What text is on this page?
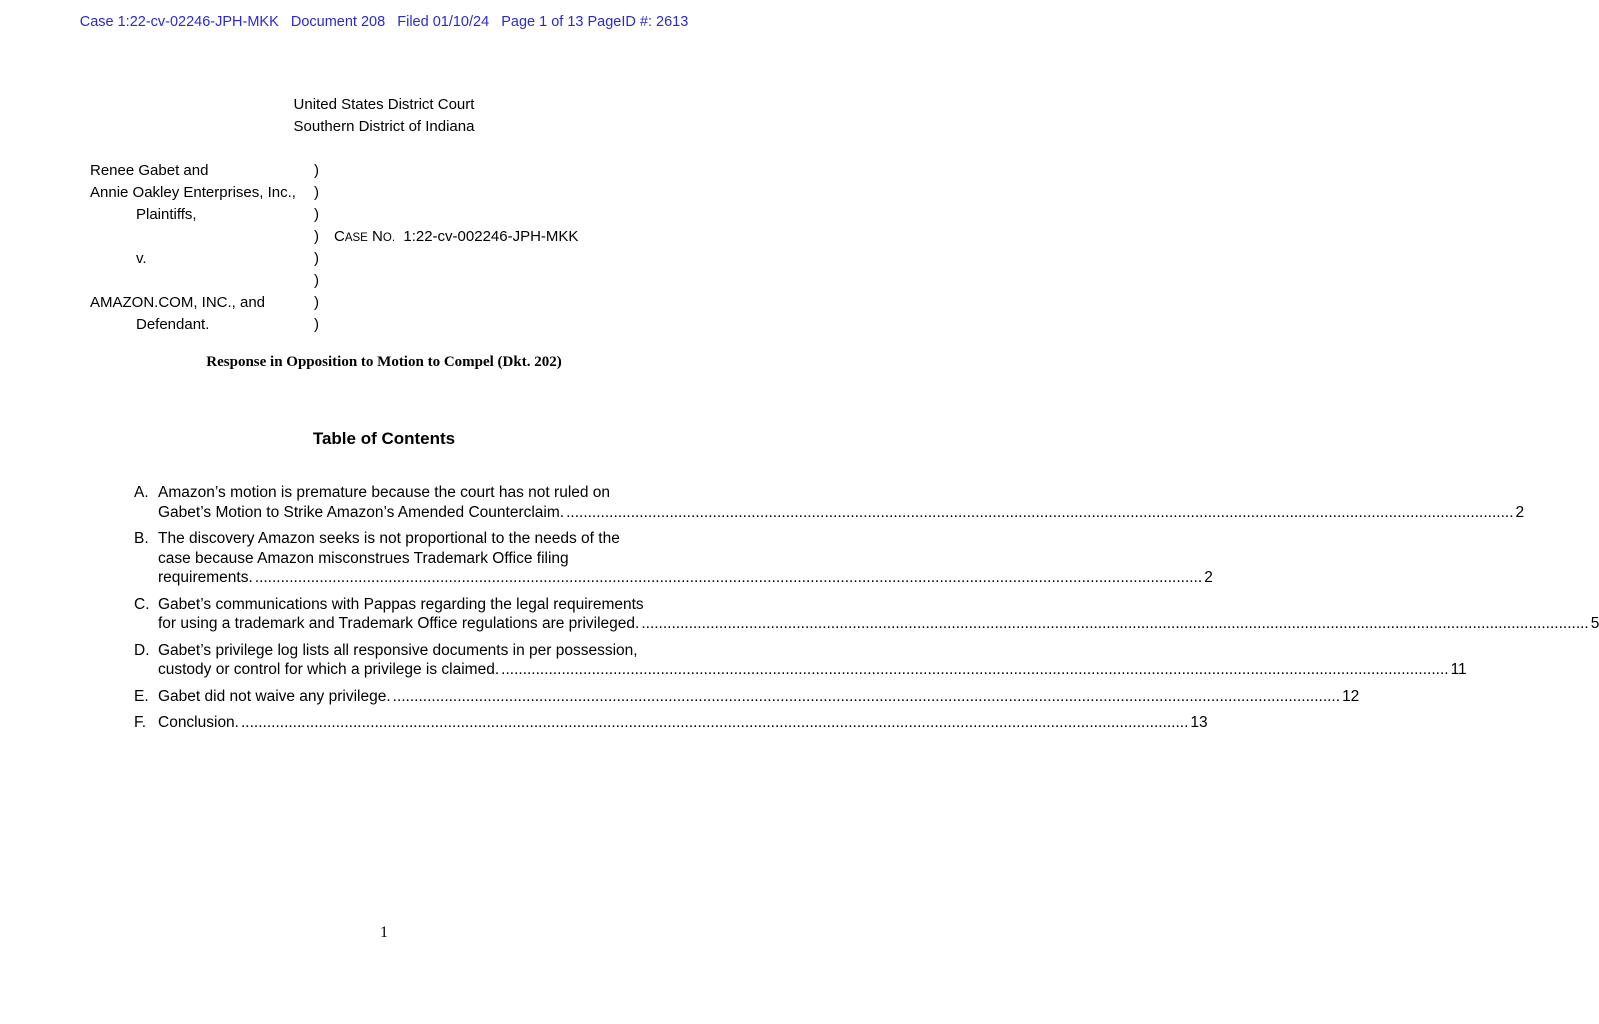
Case 1:22-cv-02246-JPH-MKK   Document 208   Filed 01/10/24   Page 1 of 13 PageID #: 2613
United States District Court
Southern District of Indiana
Renee Gabet and
Annie Oakley Enterprises, Inc.,
Plaintiffs,
v.
AMAZON.COM, INC., and
Defendant.
)
)
)
)
)
)
)
)
CASE NO. 1:22-cv-002246-JPH-MKK
Response in Opposition to Motion to Compel (Dkt. 202)
Table of Contents
A. Amazon’s motion is premature because the court has not ruled on
Gabet’s Motion to Strike Amazon’s Amended Counterclaim. ............................................................................................................................................................................................................................ 2
B. The discovery Amazon seeks is not proportional to the needs of the
case because Amazon misconstrues Trademark Office filing
requirements. ............................................................................................................................................................................................................................ 2
C. Gabet’s communications with Pappas regarding the legal requirements
for using a trademark and Trademark Office regulations are privileged. ............................................................................................................................................................................................................................ 5
D. Gabet’s privilege log lists all responsive documents in per possession,
custody or control for which a privilege is claimed. ............................................................................................................................................................................................................................ 11
E. Gabet did not waive any privilege. ............................................................................................................................................................................................................................ 12
F. Conclusion. ............................................................................................................................................................................................................................ 13
1
